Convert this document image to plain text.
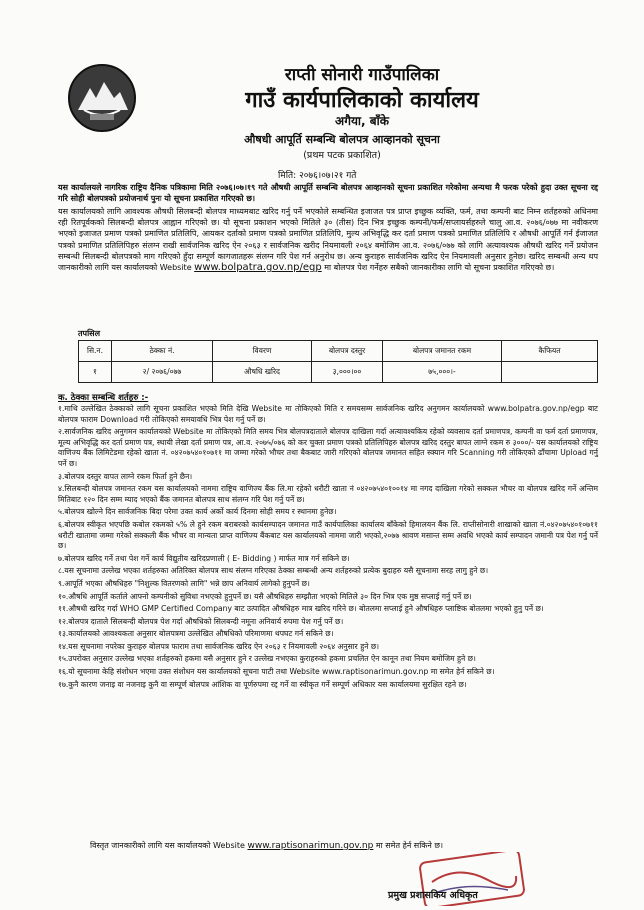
राप्ती सोनारी गाउँपालिका
गाउँ कार्यपालिकाको कार्यालय
अगैया, बाँके
औषधी आपूर्ति सम्बन्धि बोलपत्र आव्हानको सूचना
(प्रथम पटक प्रकाशित)
मिति: २०७६।०७।२१ गते
यस कार्यालयले नागरिक राष्ट्रिय दैनिक पत्रिकामा मिति २०७६।०७।१९ गते औषधी आपूर्ति सम्बन्धि बोलपत्र आव्हानको सूचना प्रकाशित गरेकोमा अन्यथा मै फरक परेको हुदा उक्त सूचना रद्द गरि सोही बोलपत्रको प्रयोजनार्थ पुनः यो सूचना प्रकाशित गरिएको छ।
यस कार्यालयको लागि आवश्यक औषधी सिलबन्दी बोलपत्र माध्यमबाट खरिद गर्नु पर्ने भएकोले सम्बन्धित इजाजत पत्र प्राप्त इच्छुक व्यक्ति, फर्म, तथा कम्पनी बाट निम्न शर्तहरुको अधिनमा रही रितपूर्वकको सिलबन्दी बोलपत्र आह्वान गरिएको छ। यो सूचना प्रकाशन भएको मितिले ३० (तीस) दिन भित्र इच्छुक कम्पनी/फर्म/सप्लायर्सहरुले चालु आ.व. २०७६/०७७ मा नवीकरण भएको इजाजत प्रमाण पत्रको प्रमाणित प्रतिलिपि, आयकर दर्ताको प्रमाण पत्रको प्रमाणित प्रतिलिपि, मुल्य अभिवृद्धि कर दर्ता प्रमाण पत्रको प्रमाणित प्रतिलिपि र औषधी आपूर्ति गर्न ईजाजत पत्रको प्रमाणित प्रतिलिपिहरु संलग्न राखी सार्वजनिक खरिद ऐन २०६३ र सार्वजनिक खरीद नियमावली २०६४ बमोजिम आ.व. २०७६/०७७ को लागि अत्यावश्यक औषधी खरिद गर्ने प्रयोजन सम्बन्धी सिलबन्दी बोलपत्रको माग गरिएको हुँदा सम्पूर्ण कागजातहरू संलग्न गरि पेश गर्न अनुरोध छ। अन्य कुराहरु सार्वजनिक खरिद ऐन नियमावली अनुसार हुनेछ। खरिद सम्बन्धी अन्य थप जानकारीको लागि यस कार्यालयको Website www.bolpatra.gov.np/egp मा बोलपत्र पेश गर्नेहरु सबैको जानकारीका लागि यो सूचना प्रकाशित गरिएको छ।
तपसिल
सि.न.	ठेक्का नं.	विवरण	बोलपत्र दस्तुर	बोलपत्र जमानत रकम	कैफियत
१	२/ २०७६/०७७	औषधि खरिद	३,०००।००	७५,०००।-	
क. ठेक्का सम्बन्धि शर्तहरु :-

१.माथि उल्लेखित ठेक्काको लागि सूचना प्रकाशित भएको मिति देखि Website मा तोकिएको मिति र समयसम्म सार्वजनिक खरिद अनुगमन कार्यालयको www.bolpatra.gov.np/egp बाट बोलपत्र फाराम Download गरी तोकिएको समयावधि भित्र पेश गर्नु पर्ने छ।

२.सार्वजनिक खरिद अनुगमन कार्यालयको Website मा तोकिएको मिति समय भित्र बोलपत्रदाताले बोलपत्र दाखिला गर्दा अत्यावश्यकिय रहेको व्यवसाय दर्ता प्रमाणपत्र, कम्पनी वा फर्म दर्ता प्रमाणपत्र, मूल्य अभिवृद्धि कर दर्ता प्रमाण पत्र, स्थायी लेखा दर्ता प्रमाण पत्र, आ.व. २०७५/०७६ को कर चुक्ता प्रमाण पत्रको प्रतिलिपिहरु बोलपत्र खरिद दस्तुर बापत लाग्ने रकम रु ३०००/- यस कार्यालयको राष्ट्रिय वाणिज्य बैंक लिमिटेडमा रहेको खाता नं. ०४२०७५४०१०७११ मा जम्मा गरेको भौचर तथा बैकबाट जारी गरिएको बोलपत्र जमानत सहित स्क्यान गरि Scanning गरी तोकिएको ढाँचामा Upload गर्नु पर्ने छ।

३.बोलपत्र दस्तुर वापत लाग्ने रकम फिर्ता हुने छैन।

४.सिलबन्दी बोलपत्र जमानत रकम यस कार्यालयको नाममा राष्ट्रिय वाणिज्य बैंक लि.मा रहेको धरौटी खाता नं ०४२०७५४०१००१४ मा नगद दाखिला गरेको सक्कल भौचर वा बोलपत्र खरिद गर्ने अन्तिम मितिबाट १२० दिन सम्म म्याद भएको बैंक जमानत बोलपत्र साथ संलग्न गरि पेश गर्नु पर्ने छ।

५.बोलपत्र खोल्ने दिन सार्वजनिक बिदा परेमा उक्त कार्य अर्को कार्य दिनमा सोही समय र स्थानमा हुनेछ।

६.बोलपत्र स्वीकृत भएपछि कबोल रकमको ५% ले हुने रकम बराबरको कार्यसम्पादन जमानत गाउँ कार्यपालिका कार्यालय बाँकेको हिमालयन बैंक लि. राप्तीसोनारी शाखाको खाता नं.०४२०७५४०१०७११ धरौटी खातामा जम्मा गरेको सक्कली बैंक भौचर वा मान्यता प्राप्त वाणिज्य बैंकबाट यस कार्यालयको नाममा जारी भएको,२०७७ श्रावण मसान्त सम्म अवधि भएको कार्य सम्पादन जमानी पत्र पेश गर्नु पर्ने छ।

७.बोलपत्र खरिद गर्ने तथा पेश गर्ने कार्य विद्युतीय खरिदप्रणाली ( E- Bidding ) मार्फत मात्र गर्न सकिने छ।

८.यस सूचनामा उल्लेख भएका शर्तहरुका अतिरिक्त बोलपत्र साथ संलग्न गरिएका ठेक्का सम्बन्धी अन्य शर्तहरुको प्रत्येक बुदाहरु यसै सूचनामा सरह लागु हुने छ।

९.आपूर्ति भएका औषधिहरु "निशुल्क वितरणको लागि" भन्ने छाप अनिवार्य लागेको हुनुपर्ने छ।

१०.औषधि आपूर्ति कर्ताले आफ्नो कम्पनीको सुविधा नभएको हुनुपर्ने छ। यसै औषधिहरु सम्झौता भएको मितिले ३० दिन भित्र एक मुष्ठ सप्लाई गर्नु पर्ने छ।

११.औषधी खरिद गर्दा WHO GMP Certified Company बाट उत्पादित औषधिहरु मात्र खरिद गरिने छ। बोतलमा सप्लाई हुने औषधिहरु प्लाष्टिक बोतलमा भएको हुनु पर्ने छ।

१२.बोलपत्र दाताले सिलबन्दी बोलपत्र पेश गर्दा औषधिको सिलबन्दी नमूना अनिवार्य रुपमा पेश गर्नु पर्ने छ।

१३.कार्यालयको आवश्यकता अनुसार बोलपत्रमा उल्लेखित औषधिको परिमाणमा थपघट गर्न सकिने छ।

१४.यस सूचनामा नपरेका कुराहरु बोलपत्र फाराम तथा सार्वजनिक खरिद ऐन २०६३ र नियमावली २०६४ अनुसार हुने छ।

१५.उपरोक्त अनुसार उल्लेख भएका शर्तहरुको हकमा यसै अनुसार हुने र उल्लेख नभएका कुराहरुको हकमा प्रचलित ऐन कानून तथा नियम बमोजिम हुने छ।

१६.यो सूचनामा केहि संशोधन भएमा उक्त संशोधन यस कार्यालयको सूचना पाटी तथा Website www.raptisonarimun.gov.np मा समेत हेर्न सकिने छ।

१७.कुनै कारण जनाइ वा नजनाइ कुनै वा सम्पूर्ण बोलपत्र आंशिक वा पूर्णरुपमा रद्द गर्ने वा स्वीकृत गर्ने सम्पूर्ण अधिकार यस कार्यालयमा सुरक्षित रहने छ।

विस्तृत जानकारीको लागि यस कार्यालयको Website www.raptisonarimun.gov.np मा समेत हेर्न सकिने छ।
प्रमुख प्रशासकिय अधिकृत
